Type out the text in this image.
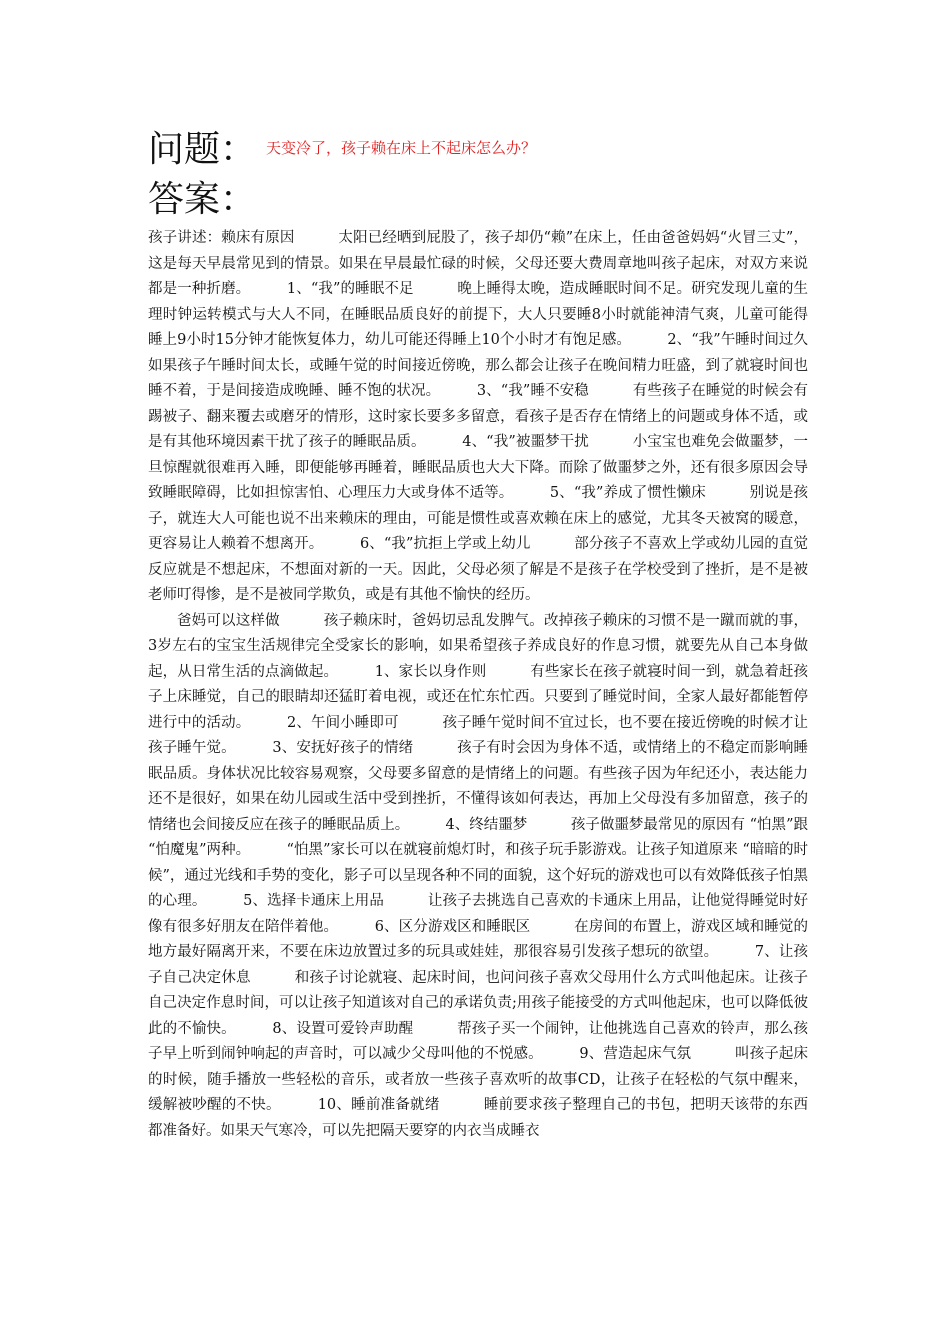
问题： 天变冷了，孩子赖在床上不起床怎么办？
答案：

孩子讲述：赖床有原因　　　太阳已经晒到屁股了，孩子却仍“赖”在床上，任由爸爸妈妈“火冒三丈”，这是每天早晨常见到的情景。如果在早晨最忙碌的时候，父母还要大费周章地叫孩子起床，对双方来说都是一种折磨。　　　1、“我”的睡眠不足　　　晚上睡得太晚，造成睡眠时间不足。研究发现儿童的生理时钟运转模式与大人不同，在睡眠品质良好的前提下，大人只要睡8小时就能神清气爽，儿童可能得睡上9小时15分钟才能恢复体力，幼儿可能还得睡上10个小时才有饱足感。　　　2、“我”午睡时间过久　　　如果孩子午睡时间太长，或睡午觉的时间接近傍晚，那么都会让孩子在晚间精力旺盛，到了就寝时间也睡不着，于是间接造成晚睡、睡不饱的状况。　　　3、“我”睡不安稳　　　有些孩子在睡觉的时候会有踢被子、翻来覆去或磨牙的情形，这时家长要多多留意，看孩子是否存在情绪上的问题或身体不适，或是有其他环境因素干扰了孩子的睡眠品质。　　　4、“我”被噩梦干扰　　　小宝宝也难免会做噩梦，一旦惊醒就很难再入睡，即便能够再睡着，睡眠品质也大大下降。而除了做噩梦之外，还有很多原因会导致睡眠障碍，比如担惊害怕、心理压力大或身体不适等。　　　5、“我”养成了惯性懒床　　　别说是孩子，就连大人可能也说不出来赖床的理由，可能是惯性或喜欢赖在床上的感觉，尤其冬天被窝的暖意，更容易让人赖着不想离开。　　　6、“我”抗拒上学或上幼儿　　　部分孩子不喜欢上学或幼儿园的直觉反应就是不想起床，不想面对新的一天。因此，父母必须了解是不是孩子在学校受到了挫折，是不是被老师叮得惨，是不是被同学欺负，或是有其他不愉快的经历。

爸妈可以这样做　　　孩子赖床时，爸妈切忌乱发脾气。改掉孩子赖床的习惯不是一蹴而就的事，3岁左右的宝宝生活规律完全受家长的影响，如果希望孩子养成良好的作息习惯，就要先从自己本身做起，从日常生活的点滴做起。　　　1、家长以身作则　　　有些家长在孩子就寝时间一到，就急着赶孩子上床睡觉，自己的眼睛却还猛盯着电视，或还在忙东忙西。只要到了睡觉时间，全家人最好都能暂停进行中的活动。　　　2、午间小睡即可　　　孩子睡午觉时间不宜过长，也不要在接近傍晚的时候才让孩子睡午觉。　　　3、安抚好孩子的情绪　　　孩子有时会因为身体不适，或情绪上的不稳定而影响睡眠品质。身体状况比较容易观察，父母要多留意的是情绪上的问题。有些孩子因为年纪还小，表达能力还不是很好，如果在幼儿园或生活中受到挫折，不懂得该如何表达，再加上父母没有多加留意，孩子的情绪也会间接反应在孩子的睡眠品质上。　　　4、终结噩梦　　　孩子做噩梦最常见的原因有 “怕黑”跟 “怕魔鬼”两种。　　　“怕黑”家长可以在就寝前熄灯时，和孩子玩手影游戏。让孩子知道原来 “暗暗的时候”，通过光线和手势的变化，影子可以呈现各种不同的面貌，这个好玩的游戏也可以有效降低孩子怕黑的心理。　　　5、选择卡通床上用品　　　让孩子去挑选自己喜欢的卡通床上用品，让他觉得睡觉时好像有很多好朋友在陪伴着他。　　　6、区分游戏区和睡眠区　　　在房间的布置上，游戏区域和睡觉的地方最好隔离开来，不要在床边放置过多的玩具或娃娃，那很容易引发孩子想玩的欲望。　　　7、让孩子自己决定休息　　　和孩子讨论就寝、起床时间，也问问孩子喜欢父母用什么方式叫他起床。让孩子自己决定作息时间，可以让孩子知道该对自己的承诺负责;用孩子能接受的方式叫他起床，也可以降低彼此的不愉快。　　　8、设置可爱铃声助醒　　　帮孩子买一个闹钟，让他挑选自己喜欢的铃声，那么孩子早上听到闹钟响起的声音时，可以减少父母叫他的不悦感。　　　9、营造起床气氛　　　叫孩子起床的时候，随手播放一些轻松的音乐，或者放一些孩子喜欢听的故事CD，让孩子在轻松的气氛中醒来，缓解被吵醒的不快。　　　10、睡前准备就绪　　　睡前要求孩子整理自己的书包，把明天该带的东西都准备好。如果天气寒冷，可以先把隔天要穿的内衣当成睡衣
